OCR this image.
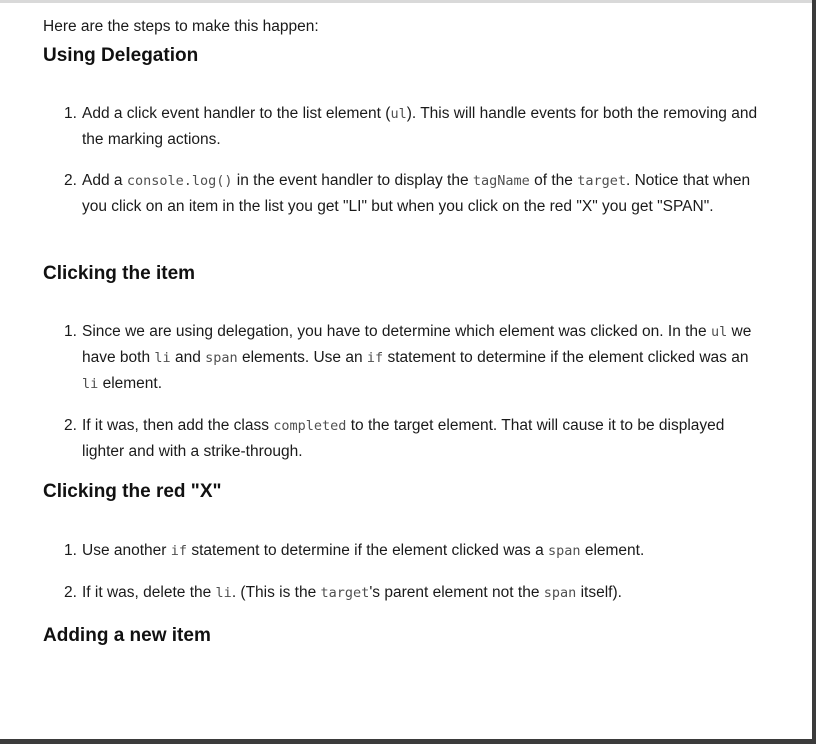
Here are the steps to make this happen:

Using Delegation
1. Add a click event handler to the list element (ul). This will handle events for both the removing and the marking actions.
2. Add a console.log() in the event handler to display the tagName of the target. Notice that when you click on an item in the list you get "LI" but when you click on the red "X" you get "SPAN".
Clicking the item
1. Since we are using delegation, you have to determine which element was clicked on. In the ul we have both li and span elements. Use an if statement to determine if the element clicked was an li element.
2. If it was, then add the class completed to the target element. That will cause it to be displayed lighter and with a strike-through.
Clicking the red "X"
1. Use another if statement to determine if the element clicked was a span element.
2. If it was, delete the li. (This is the target's parent element not the span itself).
Adding a new item
